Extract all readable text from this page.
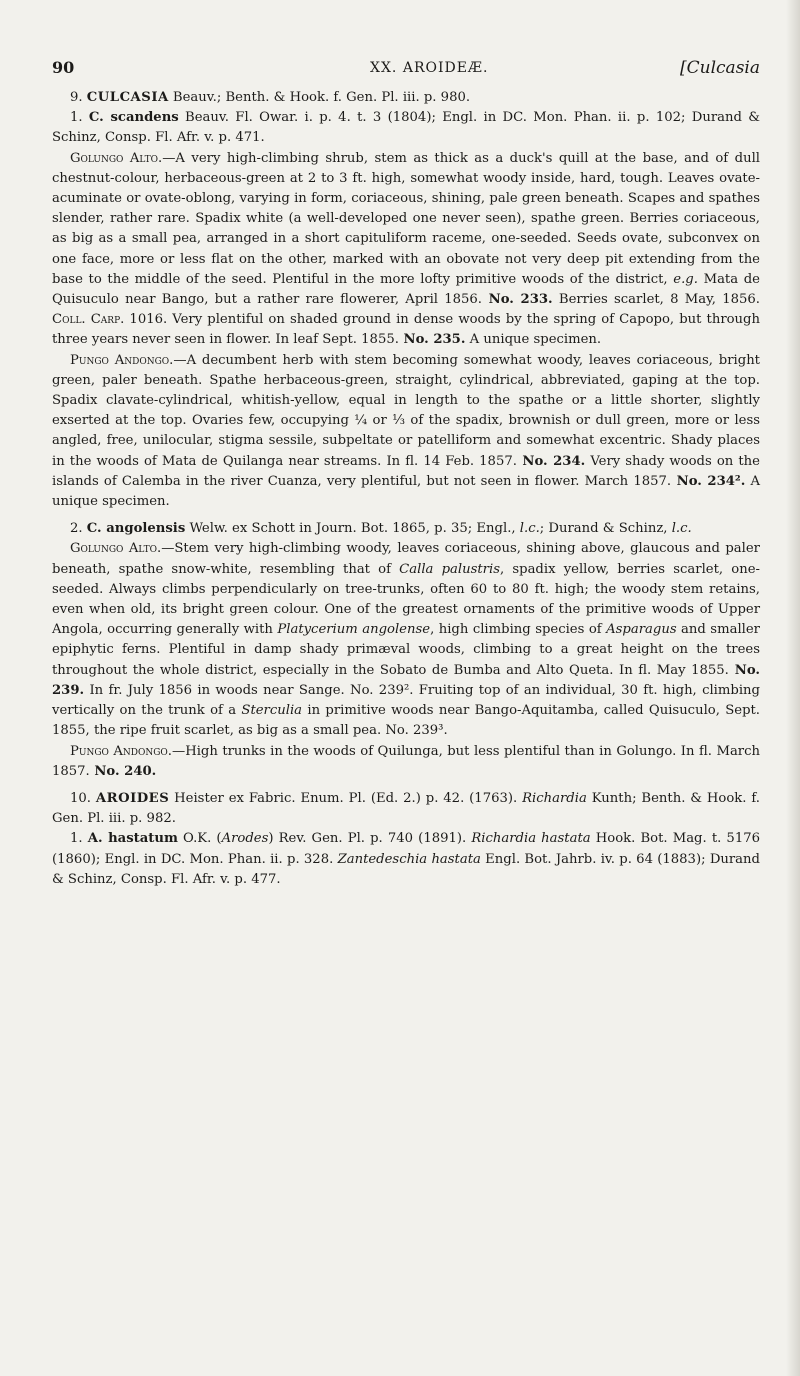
90	XX. AROIDEÆ.	[Culcasia

9. CULCASIA Beauv.; Benth. & Hook. f. Gen. Pl. iii. p. 980.

1. C. scandens Beauv. Fl. Owar. i. p. 4. t. 3 (1804); Engl. in DC. Mon. Phan. ii. p. 102; Durand & Schinz, Consp. Fl. Afr. v. p. 471.

Golungo Alto.—A very high-climbing shrub, stem as thick as a duck's quill at the base, and of dull chestnut-colour, herbaceous-green at 2 to 3 ft. high, somewhat woody inside, hard, tough. Leaves ovate-acuminate or ovate-oblong, varying in form, coriaceous, shining, pale green beneath. Scapes and spathes slender, rather rare. Spadix white (a well-developed one never seen), spathe green. Berries coriaceous, as big as a small pea, arranged in a short capituliform raceme, one-seeded. Seeds ovate, subconvex on one face, more or less flat on the other, marked with an obovate not very deep pit extending from the base to the middle of the seed. Plentiful in the more lofty primitive woods of the district, e.g. Mata de Quisuculo near Bango, but a rather rare flowerer, April 1856. No. 233. Berries scarlet, 8 May, 1856. Coll. Carp. 1016. Very plentiful on shaded ground in dense woods by the spring of Capopo, but through three years never seen in flower. In leaf Sept. 1855. No. 235. A unique specimen.

Pungo Andongo.—A decumbent herb with stem becoming somewhat woody, leaves coriaceous, bright green, paler beneath. Spathe herbaceous-green, straight, cylindrical, abbreviated, gaping at the top. Spadix clavate-cylindrical, whitish-yellow, equal in length to the spathe or a little shorter, slightly exserted at the top. Ovaries few, occupying ¼ or ⅓ of the spadix, brownish or dull green, more or less angled, free, unilocular, stigma sessile, subpeltate or patelliform and somewhat excentric. Shady places in the woods of Mata de Quilanga near streams. In fl. 14 Feb. 1857. No. 234. Very shady woods on the islands of Calemba in the river Cuanza, very plentiful, but not seen in flower. March 1857. No. 234². A unique specimen.

2. C. angolensis Welw. ex Schott in Journ. Bot. 1865, p. 35; Engl., l.c.; Durand & Schinz, l.c.

Golungo Alto.—Stem very high-climbing woody, leaves coriaceous, shining above, glaucous and paler beneath, spathe snow-white, resembling that of Calla palustris, spadix yellow, berries scarlet, one-seeded. Always climbs perpendicularly on tree-trunks, often 60 to 80 ft. high; the woody stem retains, even when old, its bright green colour. One of the greatest ornaments of the primitive woods of Upper Angola, occurring generally with Platycerium angolense, high climbing species of Asparagus and smaller epiphytic ferns. Plentiful in damp shady primæval woods, climbing to a great height on the trees throughout the whole district, especially in the Sobato de Bumba and Alto Queta. In fl. May 1855. No. 239. In fr. July 1856 in woods near Sange. No. 239². Fruiting top of an individual, 30 ft. high, climbing vertically on the trunk of a Sterculia in primitive woods near Bango-Aquitamba, called Quisuculo, Sept. 1855, the ripe fruit scarlet, as big as a small pea. No. 239³.

Pungo Andongo.—High trunks in the woods of Quilunga, but less plentiful than in Golungo. In fl. March 1857. No. 240.

10. AROIDES Heister ex Fabric. Enum. Pl. (Ed. 2.) p. 42. (1763). Richardia Kunth; Benth. & Hook. f. Gen. Pl. iii. p. 982.

1. A. hastatum O.K. (Arodes) Rev. Gen. Pl. p. 740 (1891). Richardia hastata Hook. Bot. Mag. t. 5176 (1860); Engl. in DC. Mon. Phan. ii. p. 328. Zantedeschia hastata Engl. Bot. Jahrb. iv. p. 64 (1883); Durand & Schinz, Consp. Fl. Afr. v. p. 477.
